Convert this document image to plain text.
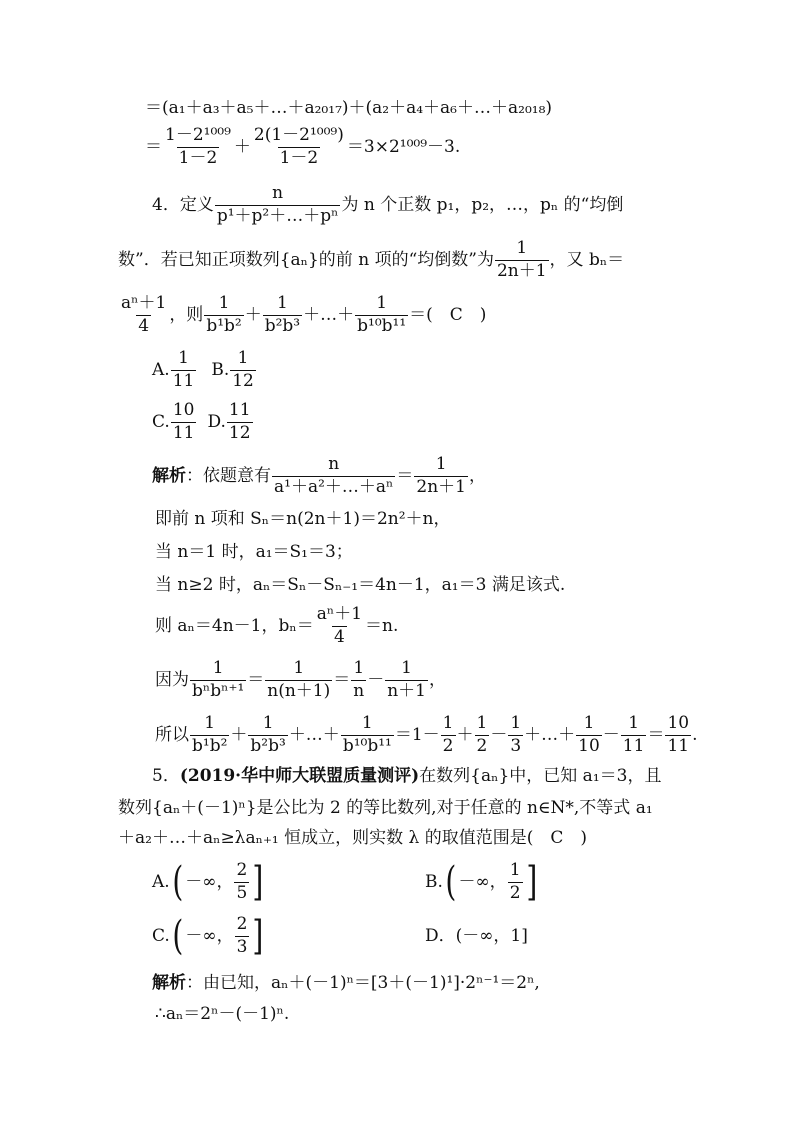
＝(a₁＋a₃＋a₅＋…＋a₂₀₁₇)＋(a₂＋a₄＋a₆＋…＋a₂₀₁₈)
＝ $\frac{\text{1－2¹⁰⁰⁹}}{1-2} + \frac{\text{2(1－2¹⁰⁰⁹)}}{1-2} =3\times 2^{1009}-3$.
4．定义 $\frac{n}{\text{p¹＋p²＋…＋pⁿ}}$ 为 n 个正数 p₁，p₂，…，pₙ 的“均倒
数”．若已知正项数列{aₙ}的前 n 项的“均倒数”为 $\frac{1}{2n+1}$ ，又 bₙ＝
$\frac{\text{aⁿ＋1}}{4}$ ，则 $\frac{1}{\text{b¹b²}} + \frac{1}{\text{b²b³}}$ ＋…＋ $\frac{1}{\text{b¹⁰b¹¹}}$ ＝(　C　)
A. $\frac{1}{11} B$. $\frac{1}{12}$
C. $\frac{10}{11} D$. $\frac{11}{12}$
解析 ：依题意有 $\frac{n}{\text{a¹＋a²＋…＋aⁿ}} = \frac{1}{2n+1}$ ，
即前 n 项和 Sₙ＝n(2n＋1)＝2n²＋n，
当 n＝1 时，a₁＝S₁＝3；
当 n≥2 时，aₙ＝Sₙ－Sₙ₋₁＝4n－1，a₁＝3 满足该式.
则 aₙ＝4n－1，$b_n= \frac{\text{aⁿ＋1}}{4} =n$.
因为
1
bⁿbⁿ⁺¹
＝ $\frac{1}{n(n+1)} = \frac{1}{n} - \frac{1}{n+1}$ ，
所以 $\frac{1}{\text{b¹b²}} + \frac{1}{\text{b²b³}}$ ＋…＋ $\frac{1}{\text{b¹⁰b¹¹}} =1- \frac{1}{2} + \frac{1}{2} - \frac{1}{3}$ ＋…＋ $\frac{1}{10} - \frac{1}{11} = \frac{10}{11}$ .
5．(2019·华中师大联盟质量测评)在数列{aₙ}中，已知 a₁＝3，且
数列{aₙ＋(－1)ⁿ}是公比为 2 的等比数列,对于任意的 n∈N*,不等式 a₁
＋a₂＋…＋aₙ≥λaₙ₊₁ 恒成立，则实数 λ 的取值范围是(　C　)
A. ( －∞， $\frac{2}{5}$ ]	B. ( －∞， $\frac{1}{2}$ ]
C. ( －∞， $\frac{2}{3}$ ]	D．(－∞，1]
解析：由已知，aₙ＋(－1)ⁿ＝[3＋(－1)¹]·2ⁿ⁻¹＝2ⁿ,
∴aₙ＝2ⁿ－(－1)ⁿ.
